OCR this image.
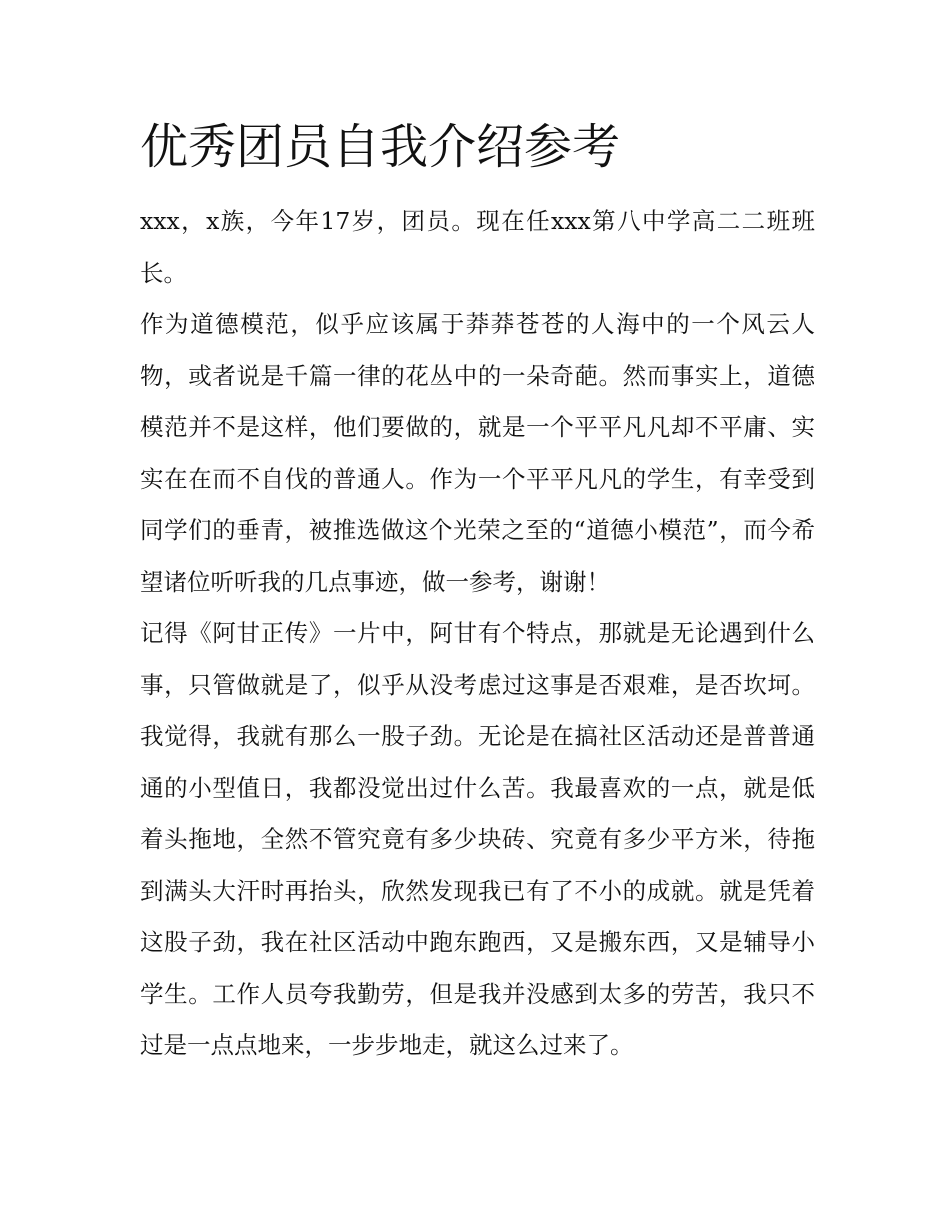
优秀团员自我介绍参考

xxx，x族，今年17岁，团员。现在任xxx第八中学高二二班班长。

作为道德模范，似乎应该属于莽莽苍苍的人海中的一个风云人物，或者说是千篇一律的花丛中的一朵奇葩。然而事实上，道德模范并不是这样，他们要做的，就是一个平平凡凡却不平庸、实实在在而不自伐的普通人。作为一个平平凡凡的学生，有幸受到同学们的垂青，被推选做这个光荣之至的“道德小模范”，而今希望诸位听听我的几点事迹，做一参考，谢谢！

记得《阿甘正传》一片中，阿甘有个特点，那就是无论遇到什么事，只管做就是了，似乎从没考虑过这事是否艰难，是否坎坷。我觉得，我就有那么一股子劲。无论是在搞社区活动还是普普通通的小型值日，我都没觉出过什么苦。我最喜欢的一点，就是低着头拖地，全然不管究竟有多少块砖、究竟有多少平方米，待拖到满头大汗时再抬头，欣然发现我已有了不小的成就。就是凭着这股子劲，我在社区活动中跑东跑西，又是搬东西，又是辅导小学生。工作人员夸我勤劳，但是我并没感到太多的劳苦，我只不过是一点点地来，一步步地走，就这么过来了。
